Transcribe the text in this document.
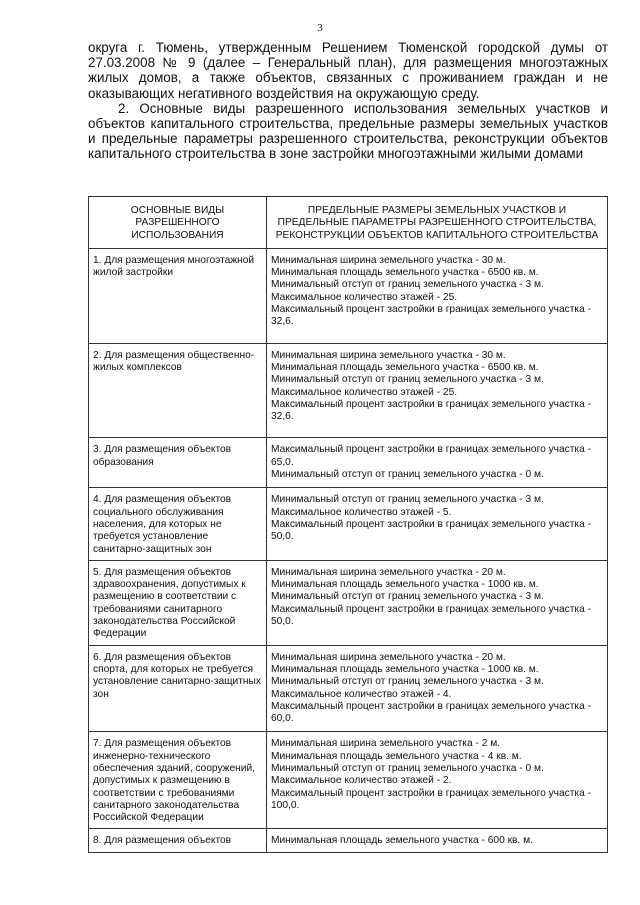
3

округа г. Тюмень, утвержденным Решением Тюменской городской думы от 27.03.2008 № 9 (далее – Генеральный план), для размещения многоэтажных жилых домов, а также объектов, связанных с проживанием граждан и не оказывающих негативного воздействия на окружающую среду.

2. Основные виды разрешенного использования земельных участков и объектов капитального строительства, предельные размеры земельных участков и предельные параметры разрешенного строительства, реконструкции объектов капитального строительства в зоне застройки многоэтажными жилыми домами

ОСНОВНЫЕ ВИДЫ РАЗРЕШЕННОГО ИСПОЛЬЗОВАНИЯ	ПРЕДЕЛЬНЫЕ РАЗМЕРЫ ЗЕМЕЛЬНЫХ УЧАСТКОВ И ПРЕДЕЛЬНЫЕ ПАРАМЕТРЫ РАЗРЕШЕННОГО СТРОИТЕЛЬСТВА, РЕКОНСТРУКЦИИ ОБЪЕКТОВ КАПИТАЛЬНОГО СТРОИТЕЛЬСТВА
1. Для размещения многоэтажной жилой застройки	Минимальная ширина земельного участка - 30 м.
Минимальная площадь земельного участка - 6500 кв. м.
Минимальный отступ от границ земельного участка - 3 м.
Максимальное количество этажей - 25.
Максимальный процент застройки в границах земельного участка - 32,6.

2. Для размещения общественно-жилых комплексов	Минимальная ширина земельного участка - 30 м.
Минимальная площадь земельного участка - 6500 кв. м.
Минимальный отступ от границ земельного участка - 3 м.
Максимальное количество этажей - 25.
Максимальный процент застройки в границах земельного участка - 32,6.

3. Для размещения объектов образования	Максимальный процент застройки в границах земельного участка - 65,0.
Минимальный отступ от границ земельного участка - 0 м.

4. Для размещения объектов социального обслуживания населения, для которых не требуется установление санитарно-защитных зон	Минимальный отступ от границ земельного участка - 3 м.
Максимальное количество этажей - 5.
Максимальный процент застройки в границах земельного участка - 50,0.

5. Для размещения объектов здравоохранения, допустимых к размещению в соответствии с требованиями санитарного законодательства Российской Федерации	Минимальная ширина земельного участка - 20 м.
Минимальная площадь земельного участка - 1000 кв. м.
Минимальный отступ от границ земельного участка - 3 м.
Максимальный процент застройки в границах земельного участка - 50,0.

6. Для размещения объектов спорта, для которых не требуется установление санитарно-защитных зон	Минимальная ширина земельного участка - 20 м.
Минимальная площадь земельного участка - 1000 кв. м.
Минимальный отступ от границ земельного участка - 3 м.
Максимальное количество этажей - 4.
Максимальный процент застройки в границах земельного участка - 60,0.

7. Для размещения объектов инженерно-технического обеспечения зданий, сооружений, допустимых к размещению в соответствии с требованиями санитарного законодательства Российской Федерации	Минимальная ширина земельного участка - 2 м.
Минимальная площадь земельного участка - 4 кв. м.
Минимальный отступ от границ земельного участка - 0 м.
Максимальное количество этажей - 2.
Максимальный процент застройки в границах земельного участка - 100,0.

8. Для размещения объектов	Минимальная площадь земельного участка - 600 кв. м.
